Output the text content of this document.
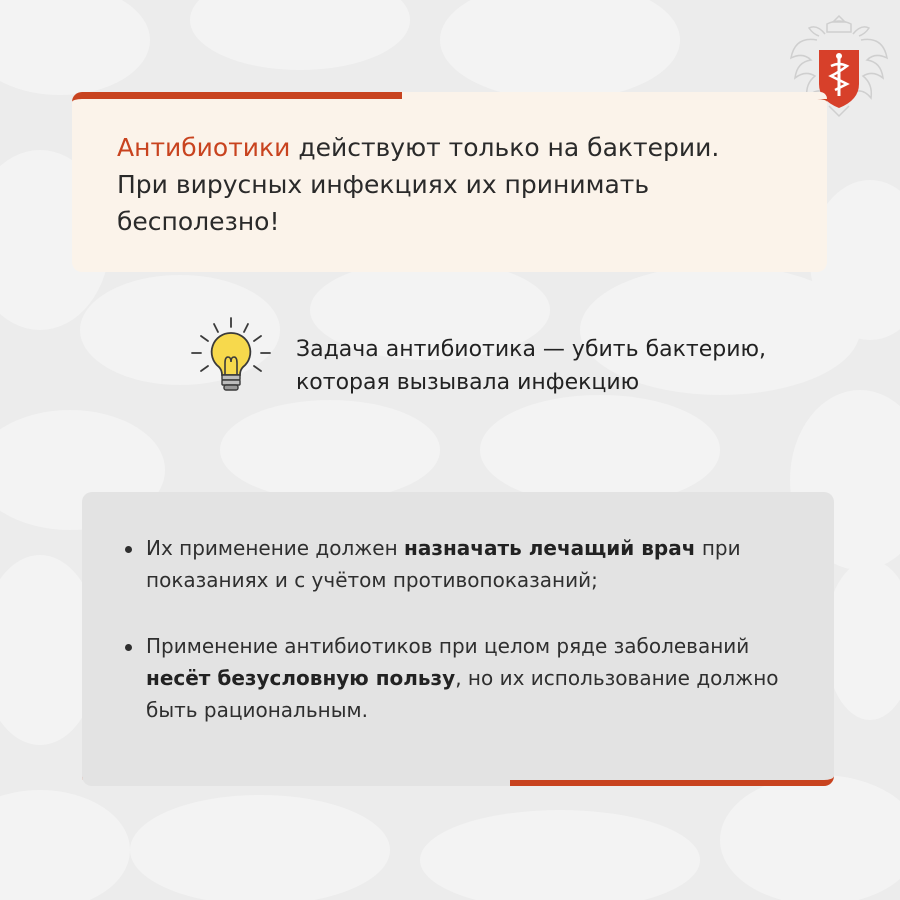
Антибиотики действуют только на бактерии.
При вирусных инфекциях их принимать
бесполезно!
Задача антибиотика — убить бактерию,
которая вызывала инфекцию
Их применение должен назначать лечащий врач при показаниях и с учётом противопоказаний;
Применение антибиотиков при целом ряде заболеваний несёт безусловную пользу, но их использование должно быть рациональным.
